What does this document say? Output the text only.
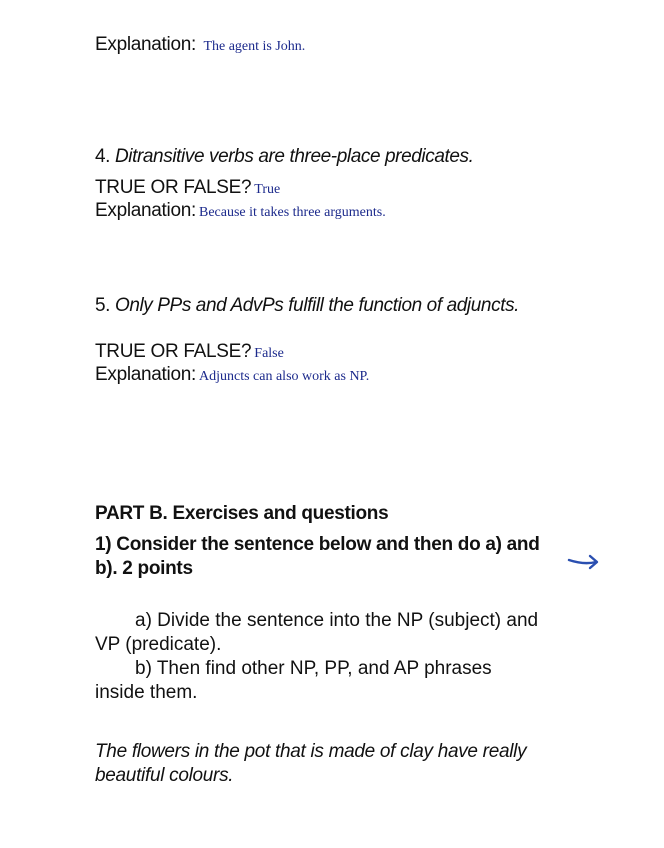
Explanation: The agent is John.
4. Ditransitive verbs are three-place predicates.
TRUE OR FALSE? True
Explanation: Because it takes three arguments.
5. Only PPs and AdvPs fulfill the function of adjuncts.
TRUE OR FALSE? False
Explanation: Adjuncts can also work as NP.
PART B. Exercises and questions
1) Consider the sentence below and then do a) and b). 2 points
a) Divide the sentence into the NP (subject) and
VP (predicate).
b) Then find other NP, PP, and AP phrases
inside them.
The flowers in the pot that is made of clay have really beautiful colours.
